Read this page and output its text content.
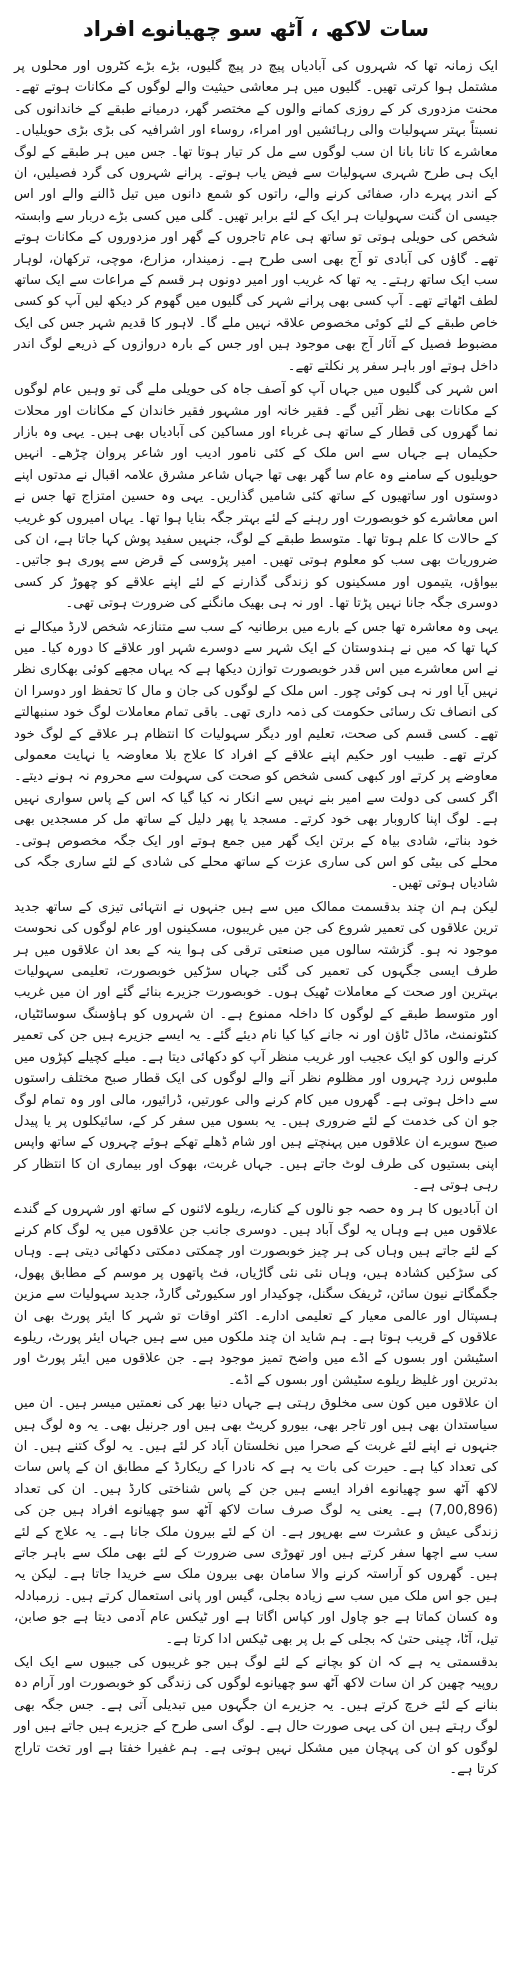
سات لاکھ ، آٹھ سو چھیانوے افراد

ایک زمانہ تھا کہ شہروں کی آبادیاں پیچ در پیچ گلیوں، بڑے بڑے کٹروں اور محلوں پر مشتمل ہوا کرتی تھیں۔ گلیوں میں ہر معاشی حیثیت والے لوگوں کے مکانات ہوتے تھے۔ محنت مزدوری کر کے روزی کمانے والوں کے مختصر گھر، درمیانے طبقے کے خاندانوں کی نسبتاً بہتر سہولیات والی رہائشیں اور امراء، روساء اور اشرافیہ کی بڑی بڑی حویلیاں۔ معاشرے کا تانا بانا ان سب لوگوں سے مل کر تیار ہوتا تھا۔ جس میں ہر طبقے کے لوگ ایک ہی طرح شہری سہولیات سے فیض یاب ہوتے۔ پرانے شہروں کی گرد فصیلیں، ان کے اندر پہرے دار، صفائی کرنے والے، راتوں کو شمع دانوں میں تیل ڈالنے والے اور اس جیسی ان گنت سہولیات ہر ایک کے لئے برابر تھیں۔ گلی میں کسی بڑے دربار سے وابستہ شخص کی حویلی ہوتی تو ساتھ ہی عام تاجروں کے گھر اور مزدوروں کے مکانات ہوتے تھے۔ گاؤں کی آبادی تو آج بھی اسی طرح ہے۔ زمیندار، مزارع، موچی، ترکھان، لوہار سب ایک ساتھ رہتے۔ یہ تھا کہ غریب اور امیر دونوں ہر قسم کے مراعات سے ایک ساتھ لطف اٹھاتے تھے۔ آپ کسی بھی پرانے شہر کی گلیوں میں گھوم کر دیکھ لیں آپ کو کسی خاص طبقے کے لئے کوئی مخصوص علاقہ نہیں ملے گا۔ لاہور کا قدیم شہر جس کی ایک مضبوط فصیل کے آثار آج بھی موجود ہیں اور جس کے بارہ دروازوں کے ذریعے لوگ اندر داخل ہوتے اور باہر سفر پر نکلتے تھے۔

اس شہر کی گلیوں میں جہاں آپ کو آصف جاہ کی حویلی ملے گی تو وہیں عام لوگوں کے مکانات بھی نظر آئیں گے۔ فقیر خانہ اور مشہور فقیر خاندان کے مکانات اور محلات نما گھروں کی قطار کے ساتھ ہی غرباء اور مساکین کی آبادیاں بھی ہیں۔ یہی وہ بازار حکیماں ہے جہاں سے اس ملک کے کئی نامور ادیب اور شاعر پروان چڑھے۔ انہیں حویلیوں کے سامنے وہ عام سا گھر بھی تھا جہاں شاعر مشرق علامہ اقبال نے مدتوں اپنے دوستوں اور ساتھیوں کے ساتھ کئی شامیں گذاریں۔ یہی وہ حسین امتزاج تھا جس نے اس معاشرے کو خوبصورت اور رہنے کے لئے بہتر جگہ بنایا ہوا تھا۔ یہاں امیروں کو غریب کے حالات کا علم ہوتا تھا۔ متوسط طبقے کے لوگ، جنہیں سفید پوش کہا جاتا ہے، ان کی ضروریات بھی سب کو معلوم ہوتی تھیں۔ امیر پڑوسی کے قرض سے پوری ہو جاتیں۔ بیواؤں، یتیموں اور مسکینوں کو زندگی گذارنے کے لئے اپنے علاقے کو چھوڑ کر کسی دوسری جگہ جانا نہیں پڑتا تھا۔ اور نہ ہی بھیک مانگنے کی ضرورت ہوتی تھی۔

یہی وہ معاشرہ تھا جس کے بارے میں برطانیہ کے سب سے متنازعہ شخص لارڈ میکالے نے کہا تھا کہ میں نے ہندوستان کے ایک شہر سے دوسرے شہر اور علاقے کا دورہ کیا۔ میں نے اس معاشرے میں اس قدر خوبصورت توازن دیکھا ہے کہ یہاں مجھے کوئی بھکاری نظر نہیں آیا اور نہ ہی کوئی چور۔ اس ملک کے لوگوں کی جان و مال کا تحفظ اور دوسرا ان کی انصاف تک رسائی حکومت کی ذمہ داری تھی۔ باقی تمام معاملات لوگ خود سنبھالتے تھے۔ کسی قسم کی صحت، تعلیم اور دیگر سہولیات کا انتظام ہر علاقے کے لوگ خود کرتے تھے۔ طبیب اور حکیم اپنے علاقے کے افراد کا علاج بلا معاوضہ یا نہایت معمولی معاوضے پر کرتے اور کبھی کسی شخص کو صحت کی سہولت سے محروم نہ ہونے دیتے۔ اگر کسی کی دولت سے امیر بنے نہیں سے انکار نہ کیا گیا کہ اس کے پاس سواری نہیں ہے۔ لوگ اپنا کاروبار بھی خود کرتے۔ مسجد یا پھر دلیل کے ساتھ مل کر مسجدیں بھی خود بناتے، شادی بیاہ کے برتن ایک گھر میں جمع ہوتے اور ایک جگہ مخصوص ہوتی۔ محلے کی بیٹی کو اس کی ساری عزت کے ساتھ محلے کی شادی کے لئے ساری جگہ کی شادیاں ہوتی تھیں۔

لیکن ہم ان چند بدقسمت ممالک میں سے ہیں جنہوں نے انتہائی تیزی کے ساتھ جدید ترین علاقوں کی تعمیر شروع کی جن میں غریبوں، مسکینوں اور عام لوگوں کی نحوست موجود نہ ہو۔ گزشتہ سالوں میں صنعتی ترقی کی ہوا ینہ کے بعد ان علاقوں میں ہر طرف ایسی جگہوں کی تعمیر کی گئی جہاں سڑکیں خوبصورت، تعلیمی سہولیات بہترین اور صحت کے معاملات ٹھیک ہوں۔ خوبصورت جزیرے بنائے گئے اور ان میں غریب اور متوسط طبقے کے لوگوں کا داخلہ ممنوع ہے۔ ان شہروں کو ہاؤسنگ سوسائٹیاں، کنٹونمنٹ، ماڈل ٹاؤن اور نہ جانے کیا کیا نام دیئے گئے۔ یہ ایسے جزیرے ہیں جن کی تعمیر کرنے والوں کو ایک عجیب اور غریب منظر آپ کو دکھائی دیتا ہے۔ میلے کچیلے کپڑوں میں ملبوس زرد چہروں اور مظلوم نظر آنے والے لوگوں کی ایک قطار صبح مختلف راستوں سے داخل ہوتی ہے۔ گھروں میں کام کرنے والی عورتیں، ڈرائیور، مالی اور وہ تمام لوگ جو ان کی خدمت کے لئے ضروری ہیں۔ یہ بسوں میں سفر کر کے، سائیکلوں پر یا پیدل صبح سویرے ان علاقوں میں پہنچتے ہیں اور شام ڈھلے تھکے ہوئے چہروں کے ساتھ واپس اپنی بستیوں کی طرف لوٹ جاتے ہیں۔ جہاں غربت، بھوک اور بیماری ان کا انتظار کر رہی ہوتی ہے۔

ان آبادیوں کا ہر وہ حصہ جو نالوں کے کنارے، ریلوے لائنوں کے ساتھ اور شہروں کے گندے علاقوں میں ہے وہاں یہ لوگ آباد ہیں۔ دوسری جانب جن علاقوں میں یہ لوگ کام کرنے کے لئے جاتے ہیں وہاں کی ہر چیز خوبصورت اور چمکتی دمکتی دکھائی دیتی ہے۔ وہاں کی سڑکیں کشادہ ہیں، وہاں نئی نئی گاڑیاں، فٹ پاتھوں پر موسم کے مطابق پھول، جگمگاتے نیون سائن، ٹریفک سگنل، چوکیدار اور سکیورٹی گارڈ، جدید سہولیات سے مزین ہسپتال اور عالمی معیار کے تعلیمی ادارے۔ اکثر اوقات تو شہر کا ایئر پورٹ بھی ان علاقوں کے قریب ہوتا ہے۔ ہم شاید ان چند ملکوں میں سے ہیں جہاں ایئر پورٹ، ریلوے اسٹیشن اور بسوں کے اڈے میں واضح تمیز موجود ہے۔ جن علاقوں میں ایئر پورٹ اور بدترین اور غلیظ ریلوے سٹیشن اور بسوں کے اڈے۔

ان علاقوں میں کون سی مخلوق رہتی ہے جہاں دنیا بھر کی نعمتیں میسر ہیں۔ ان میں سیاستدان بھی ہیں اور تاجر بھی، بیورو کریٹ بھی ہیں اور جرنیل بھی۔ یہ وہ لوگ ہیں جنہوں نے اپنے لئے غربت کے صحرا میں نخلستان آباد کر لئے ہیں۔ یہ لوگ کتنے ہیں۔ ان کی تعداد کیا ہے۔ حیرت کی بات یہ ہے کہ نادرا کے ریکارڈ کے مطابق ان کے پاس سات لاکھ آٹھ سو چھیانوے افراد ایسے ہیں جن کے پاس شناختی کارڈ ہیں۔ ان کی تعداد (7,00,896) ہے۔ یعنی یہ لوگ صرف سات لاکھ آٹھ سو چھیانوے افراد ہیں جن کی زندگی عیش و عشرت سے بھرپور ہے۔ ان کے لئے بیرون ملک جانا ہے۔ یہ علاج کے لئے سب سے اچھا سفر کرتے ہیں اور تھوڑی سی ضرورت کے لئے بھی ملک سے باہر جاتے ہیں۔ گھروں کو آراستہ کرنے والا سامان بھی بیرون ملک سے خریدا جاتا ہے۔ لیکن یہ ہیں جو اس ملک میں سب سے زیادہ بجلی، گیس اور پانی استعمال کرتے ہیں۔ زرمبادلہ وہ کسان کماتا ہے جو چاول اور کپاس اگاتا ہے اور ٹیکس عام آدمی دیتا ہے جو صابن، تیل، آٹا، چینی حتیٰ کہ بجلی کے بل پر بھی ٹیکس ادا کرتا ہے۔

بدقسمتی یہ ہے کہ ان کو بچانے کے لئے لوگ ہیں جو غریبوں کی جیبوں سے ایک ایک روپیہ چھین کر ان سات لاکھ آٹھ سو چھیانوے لوگوں کی زندگی کو خوبصورت اور آرام دہ بنانے کے لئے خرچ کرتے ہیں۔ یہ جزیرے ان جگہوں میں تبدیلی آتی ہے۔ جس جگہ بھی لوگ رہتے ہیں ان کی یہی صورت حال ہے۔ لوگ اسی طرح کے جزیرے ہیں جاتے ہیں اور لوگوں کو ان کی پہچان میں مشکل نہیں ہوتی ہے۔ ہم غفیرا خفتا ہے اور تخت تاراج کرتا ہے۔
